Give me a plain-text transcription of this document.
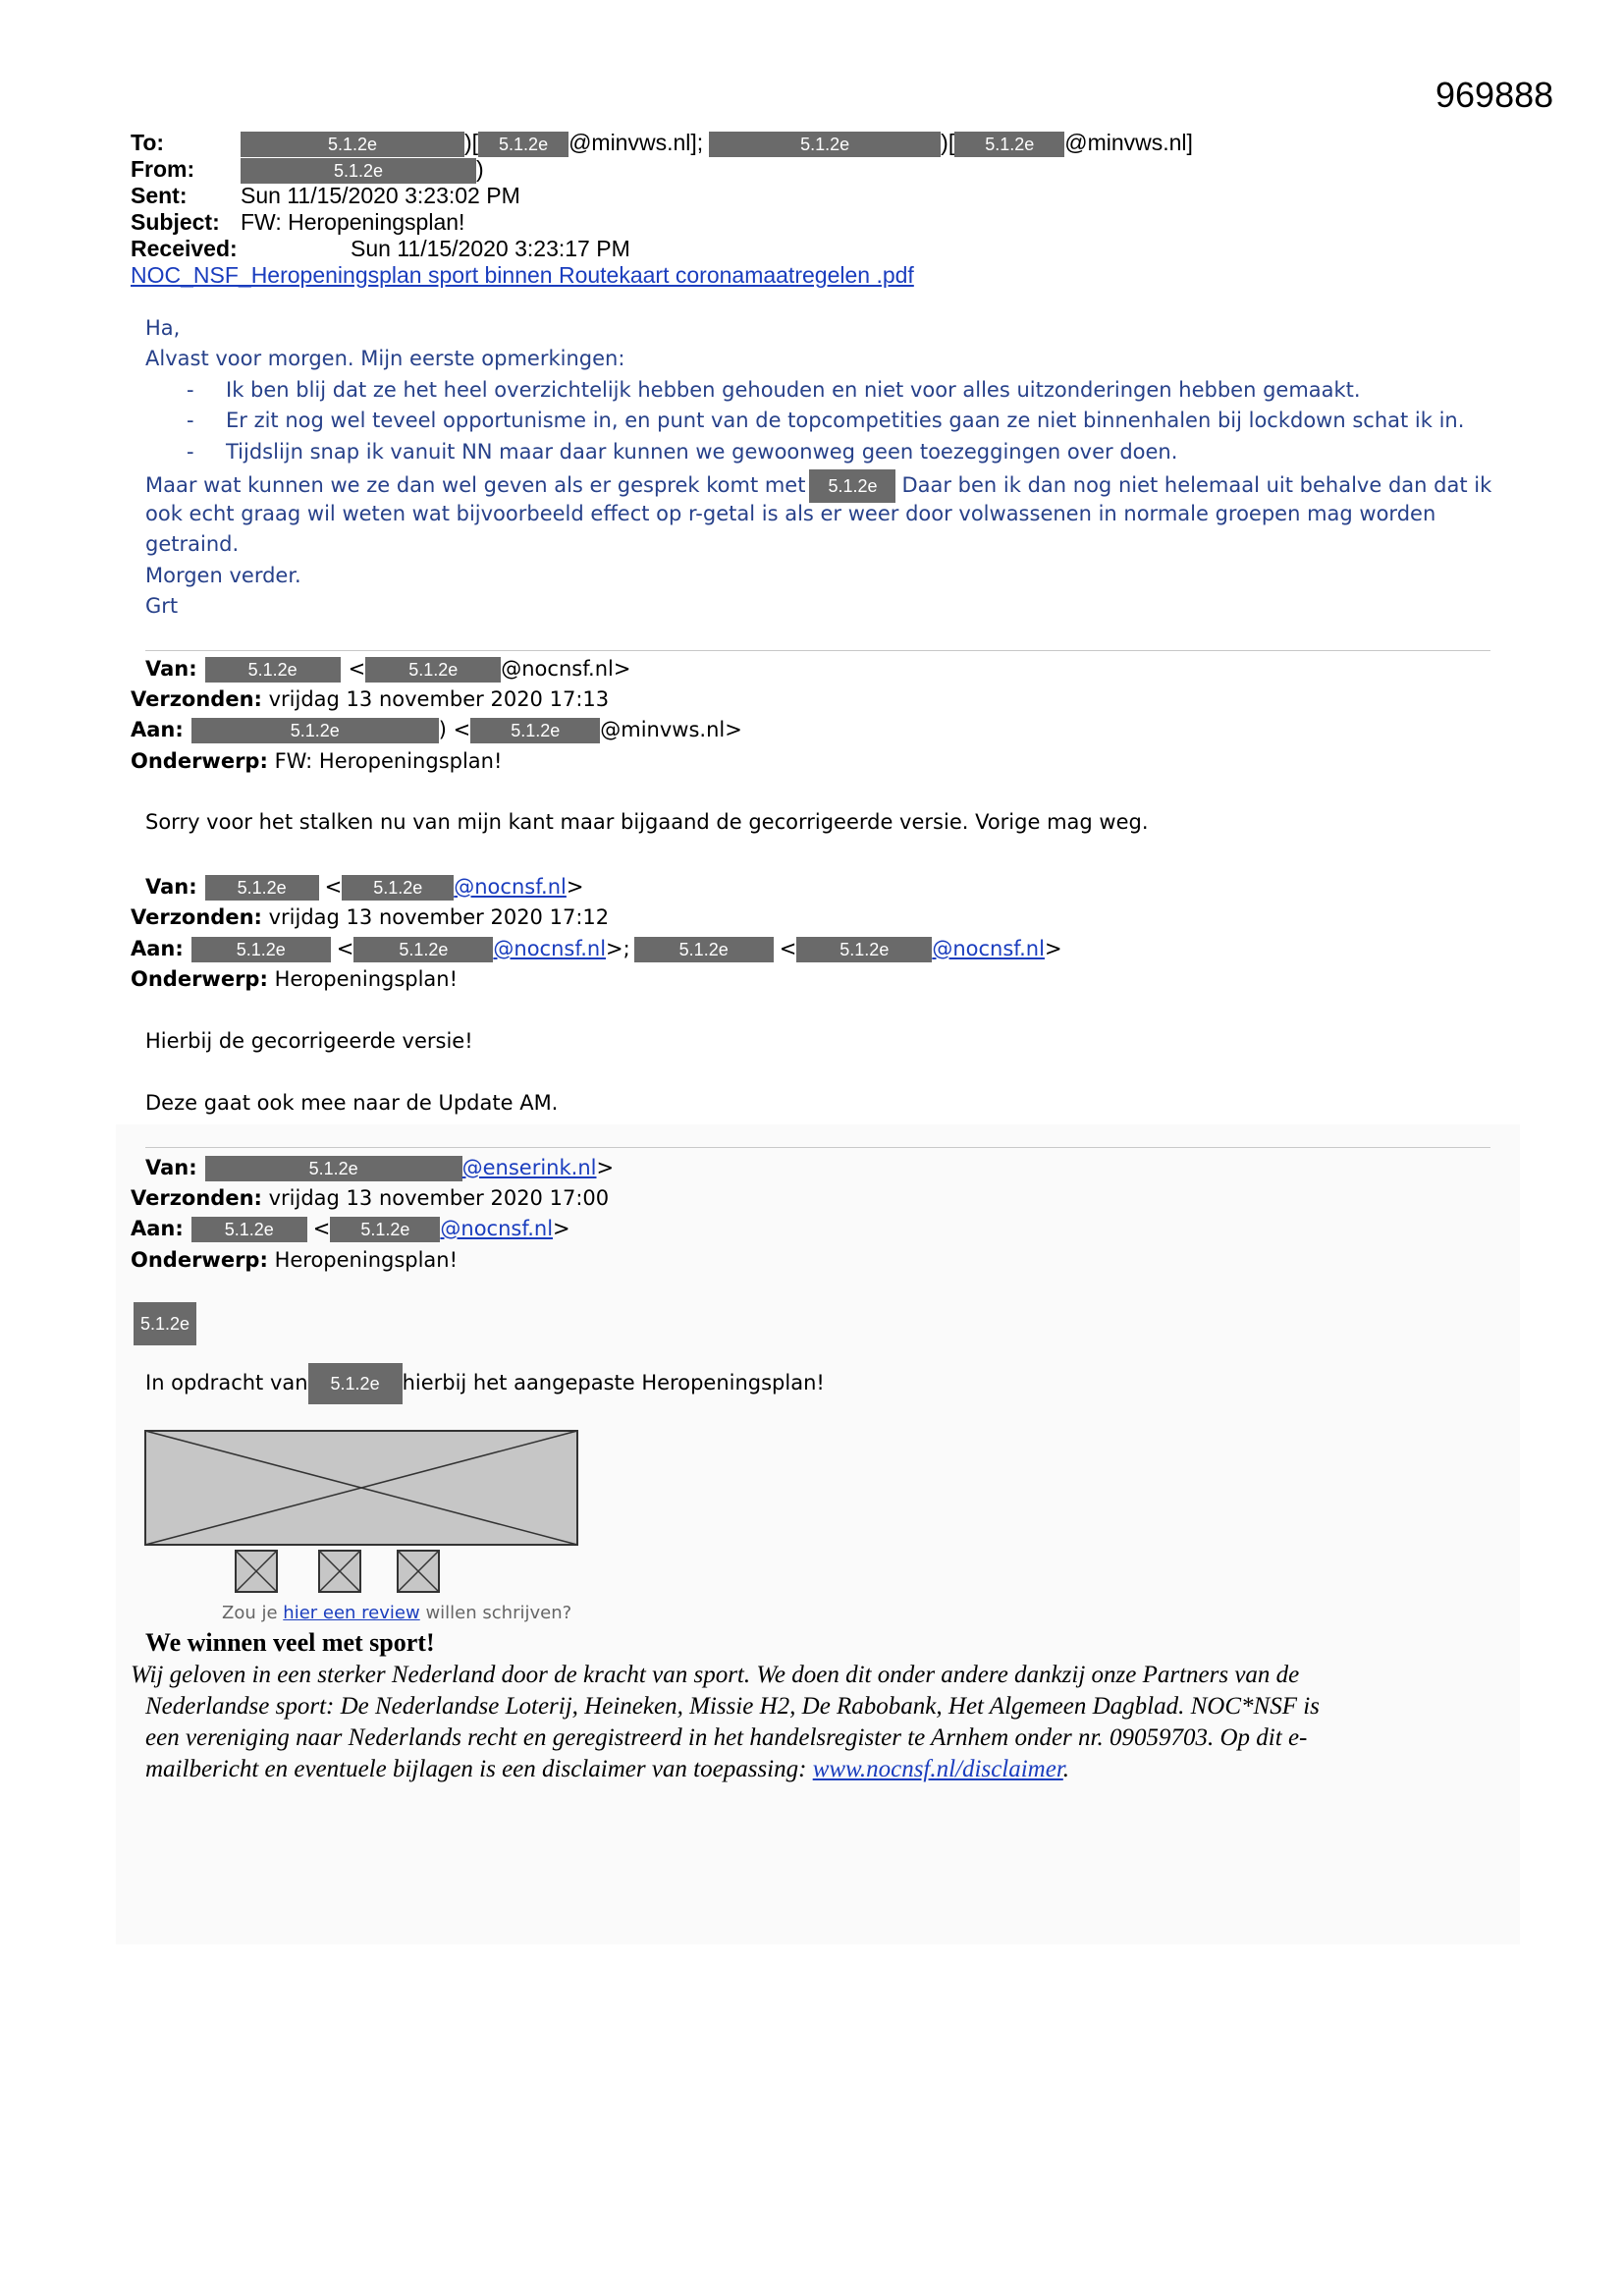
969888
To:	5.1.2e	)[ 5.1.2e @minvws.nl];	5.1.2e	)[ 5.1.2e @minvws.nl]
From:	5.1.2e	)
Sent: Sun 11/15/2020 3:23:02 PM
Subject: FW: Heropeningsplan!
Received:	Sun 11/15/2020 3:23:17 PM
NOC_NSF_Heropeningsplan sport binnen Routekaart coronamaatregelen .pdf
Ha,
Alvast voor morgen. Mijn eerste opmerkingen:
- Ik ben blij dat ze het heel overzichtelijk hebben gehouden en niet voor alles uitzonderingen hebben gemaakt.
- Er zit nog wel teveel opportunisme in, en punt van de topcompetities gaan ze niet binnenhalen bij lockdown schat ik in.
- Tijdslijn snap ik vanuit NN maar daar kunnen we gewoonweg geen toezeggingen over doen.
Maar wat kunnen we ze dan wel geven als er gesprek komt met 5.1.2e Daar ben ik dan nog niet helemaal uit behalve dan dat ik
ook echt graag wil weten wat bijvoorbeeld effect op r-getal is als er weer door volwassenen in normale groepen mag worden
getraind.
Morgen verder.
Grt
Van:	5.1.2e < 5.1.2e @nocnsf.nl>
Verzonden: vrijdag 13 november 2020 17:13
Aan:	5.1.2e	) < 5.1.2e @minvws.nl>
Onderwerp: FW: Heropeningsplan!
Sorry voor het stalken nu van mijn kant maar bijgaand de gecorrigeerde versie. Vorige mag weg.
Van: 5.1.2e < 5.1.2e @nocnsf.nl>
Verzonden: vrijdag 13 november 2020 17:12
Aan:	5.1.2e <	5.1.2e @nocnsf.nl>;	5.1.2e < 5.1.2e @nocnsf.nl>
Onderwerp: Heropeningsplan!
Hierbij de gecorrigeerde versie!
Deze gaat ook mee naar de Update AM.
Van:	5.1.2e	@enserink.nl>
Verzonden: vrijdag 13 november 2020 17:00
Aan: 5.1.2e < 5.1.2e @nocnsf.nl>
Onderwerp: Heropeningsplan!
5.1.2e
In opdracht van 5.1.2e hierbij het aangepaste Heropeningsplan!
Zou je hier een review willen schrijven?
We winnen veel met sport!
Wij geloven in een sterker Nederland door de kracht van sport. We doen dit onder andere dankzij onze Partners van de
Nederlandse sport: De Nederlandse Loterij, Heineken, Missie H2, De Rabobank, Het Algemeen Dagblad. NOC*NSF is
een vereniging naar Nederlands recht en geregistreerd in het handelsregister te Arnhem onder nr. 09059703. Op dit e-
mailbericht en eventuele bijlagen is een disclaimer van toepassing: www.nocnsf.nl/disclaimer.
